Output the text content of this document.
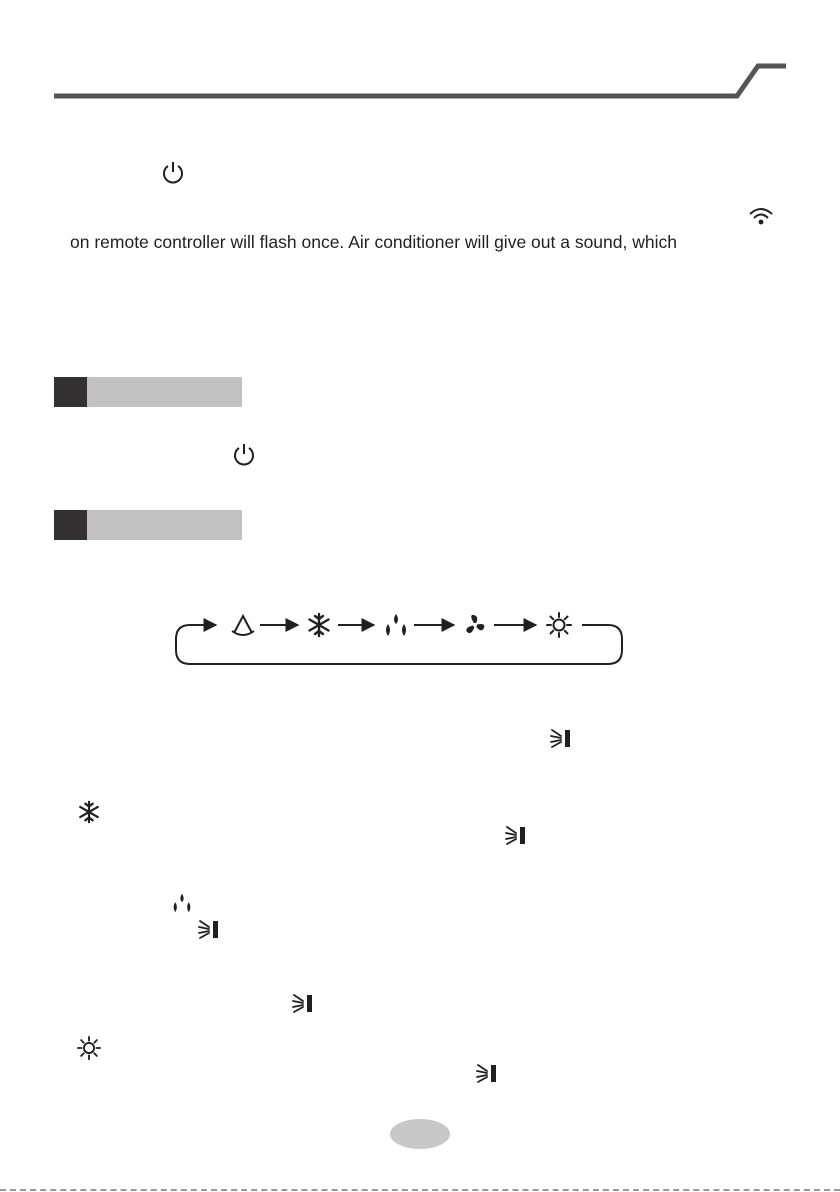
on remote controller will flash once. Air conditioner will give out a sound, which
